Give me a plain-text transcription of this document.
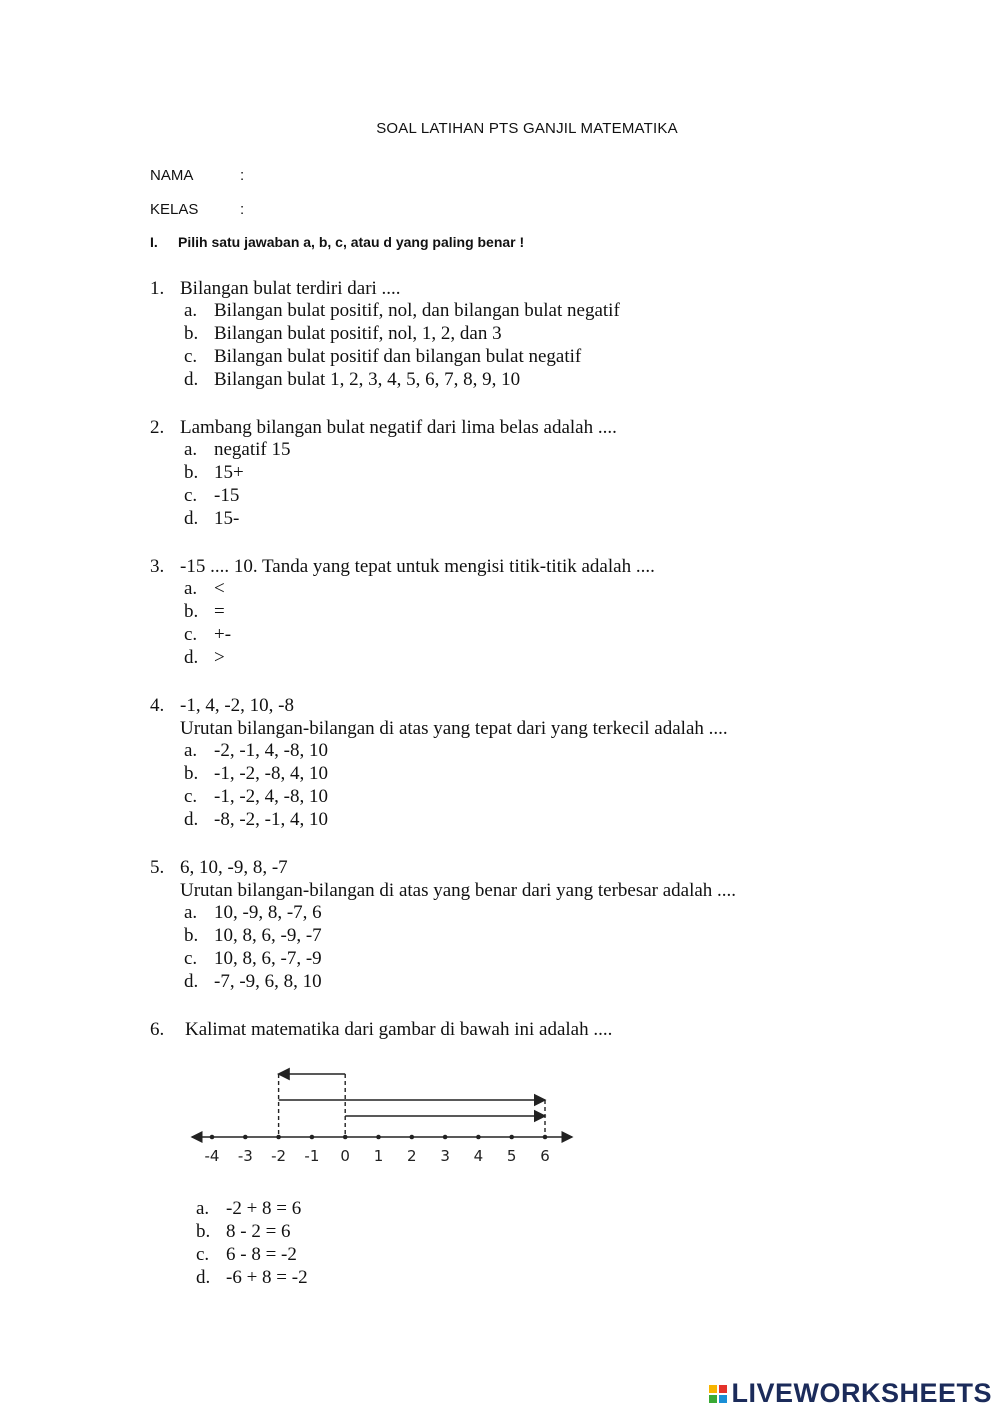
SOAL LATIHAN PTS GANJIL MATEMATIKA
NAMA	:
KELAS	:
I. Pilih satu jawaban a, b, c, atau d yang paling benar !
1. Bilangan bulat terdiri dari ....
a. Bilangan bulat positif, nol, dan bilangan bulat negatif
b. Bilangan bulat positif, nol, 1, 2, dan 3
c. Bilangan bulat positif dan bilangan bulat negatif
d. Bilangan bulat 1, 2, 3, 4, 5, 6, 7, 8, 9, 10
2. Lambang bilangan bulat negatif dari lima belas adalah ....
a. negatif 15
b. 15+
c. -15
d. 15-
3. -15 .... 10. Tanda yang tepat untuk mengisi titik-titik adalah ....
a. <
b. =
c. +-
d. >
4. -1, 4, -2, 10, -8
Urutan bilangan-bilangan di atas yang tepat dari yang terkecil adalah ....
a. -2, -1, 4, -8, 10
b. -1, -2, -8, 4, 10
c. -1, -2, 4, -8, 10
d. -8, -2, -1, 4, 10
5. 6, 10, -9, 8, -7
Urutan bilangan-bilangan di atas yang benar dari yang terbesar adalah ....
a. 10, -9, 8, -7, 6
b. 10, 8, 6, -9, -7
c. 10, 8, 6, -7, -9
d. -7, -9, 6, 8, 10
6. Kalimat matematika dari gambar di bawah ini adalah ....
-4 -3 -2 -1 0 1 2 3 4 5 6
a. -2 + 8 = 6
b. 8 - 2 = 6
c. 6 - 8 = -2
d. -6 + 8 = -2
LIVEWORKSHEETS
